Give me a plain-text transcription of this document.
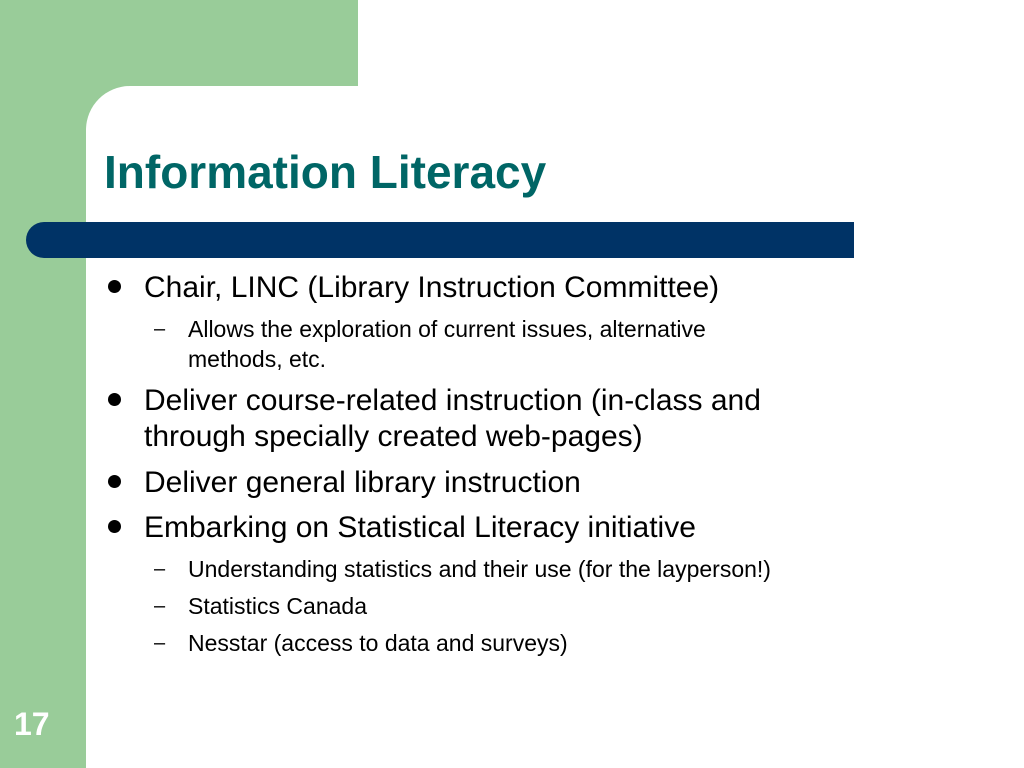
Information Literacy
Chair, LINC (Library Instruction Committee)
– Allows the exploration of current issues, alternative
methods, etc.
Deliver course-related instruction (in-class and
through specially created web-pages)
Deliver general library instruction
Embarking on Statistical Literacy initiative
– Understanding statistics and their use (for the layperson!)
– Statistics Canada
– Nesstar (access to data and surveys)

17
